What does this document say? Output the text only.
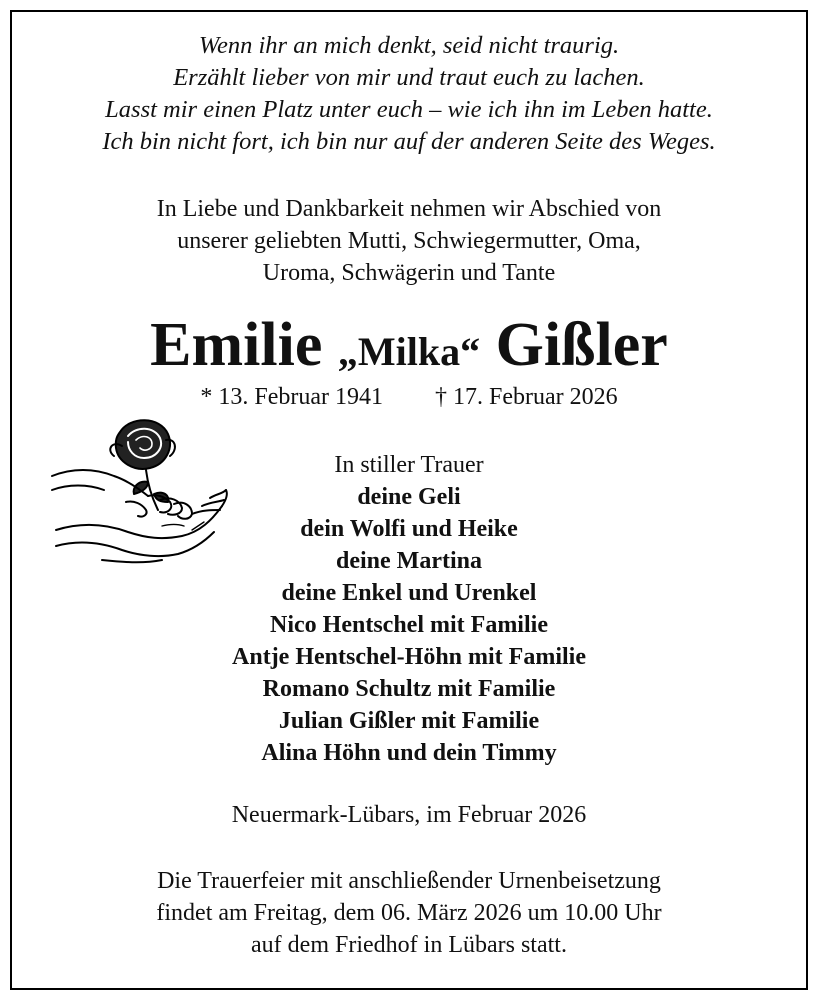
Wenn ihr an mich denkt, seid nicht traurig.
Erzählt lieber von mir und traut euch zu lachen.
Lasst mir einen Platz unter euch – wie ich ihn im Leben hatte.
Ich bin nicht fort, ich bin nur auf der anderen Seite des Weges.
In Liebe und Dankbarkeit nehmen wir Abschied von
unserer geliebten Mutti, Schwiegermutter, Oma,
Uroma, Schwägerin und Tante
Emilie „Milka“ Gißler
* 13. Februar 1941 † 17. Februar 2026
In stiller Trauer
deine Geli
dein Wolfi und Heike
deine Martina
deine Enkel und Urenkel
Nico Hentschel mit Familie
Antje Hentschel-Höhn mit Familie
Romano Schultz mit Familie
Julian Gißler mit Familie
Alina Höhn und dein Timmy
Neuermark-Lübars, im Februar 2026
Die Trauerfeier mit anschließender Urnenbeisetzung
findet am Freitag, dem 06. März 2026 um 10.00 Uhr
auf dem Friedhof in Lübars statt.
